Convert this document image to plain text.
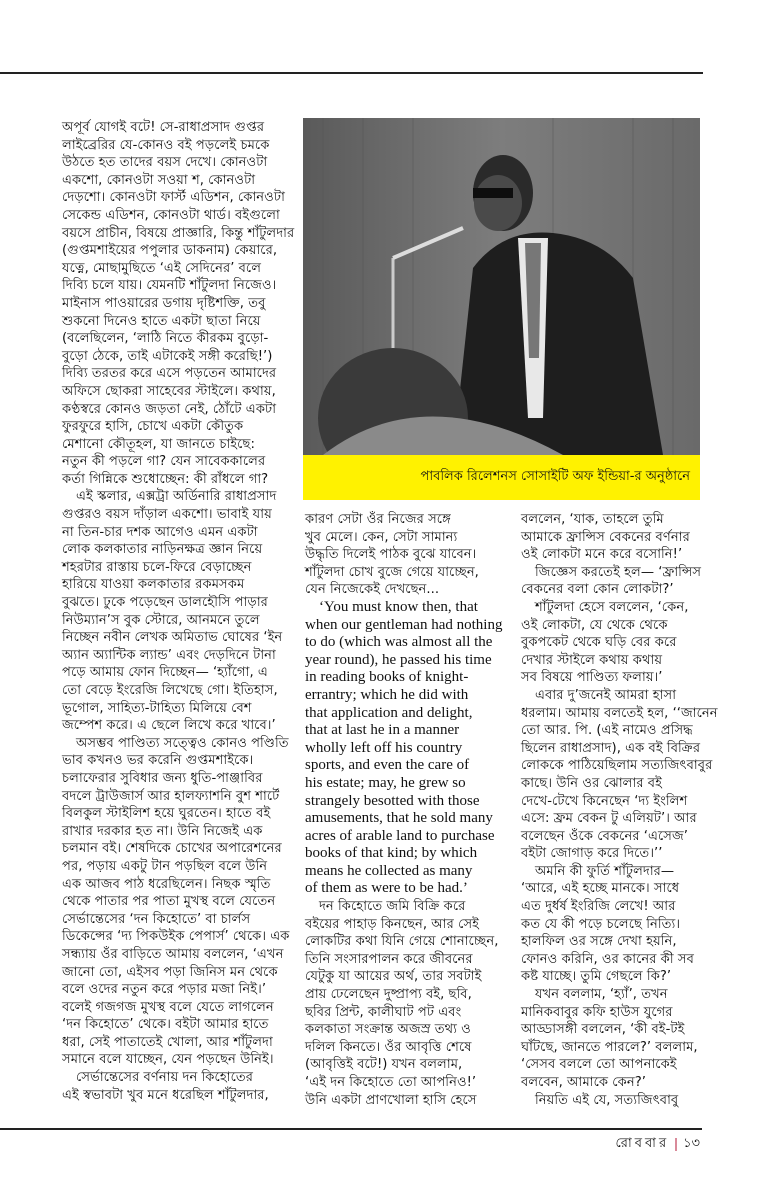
অপূর্ব যোগই বটে! সে-রাধাপ্রসাদ গুপ্তর
লাইব্রেরির যে-কোনও বই পড়লেই চমকে
উঠতে হত তাদের বয়স দেখে। কোনওটা
একশো, কোনওটা সওয়া শ, কোনওটা
দেড়শো। কোনওটা ফার্স্ট এডিশন, কোনওটা
সেকেন্ড এডিশন, কোনওটা থার্ড। বইগুলো
বয়সে প্রাচীন, বিষয়ে প্রাজ্ঞারি, কিন্তু শাঁটুলদার
(গুপ্তমশাইয়ের পপুলার ডাকনাম) কেয়ারে,
যত্নে, মোছামুছিতে ‘এই সেদিনের’ বলে
দিব্যি চলে যায়। যেমনটি শাঁটুলদা নিজেও।
মাইনাস পাওয়ারের ডগায় দৃষ্টিশক্তি, তবু
শুকনো দিনেও হাতে একটা ছাতা নিয়ে
(বলেছিলেন, ‘লাঠি নিতে কীরকম বুড়ো-
বুড়ো ঠেকে, তাই এটাকেই সঙ্গী করেছি!’)
দিব্যি তরতর করে এসে পড়তেন আমাদের
অফিসে ছোকরা সাহেবের স্টাইলে। কথায়,
কণ্ঠস্বরে কোনও জড়তা নেই, ঠোঁটে একটা
ফুরফুরে হাসি, চোখে একটা কৌতুক
মেশানো কৌতূহল, যা জানতে চাইছে:
নতুন কী পড়লে গা? যেন সাবেককালের
কর্তা গিন্নিকে শুধোচ্ছেন: কী রাঁধলে গা?
এই স্কলার, এক্সট্রা অর্ডিনারি রাধাপ্রসাদ
গুপ্তরও বয়স দাঁড়াল একশো। ভাবাই যায়
না তিন-চার দশক আগেও এমন একটা
লোক কলকাতার নাড়িনক্ষত্র জ্ঞান নিয়ে
শহরটার রাস্তায় চলে-ফিরে বেড়াচ্ছেন
হারিয়ে যাওয়া কলকাতার রকমসকম
বুঝতে। ঢুকে পড়েছেন ডালহৌসি পাড়ার
নিউম্যান’স বুক স্টোরে, আনমনে তুলে
নিচ্ছেন নবীন লেখক অমিতাভ ঘোষের ‘ইন
অ্যান অ্যান্টিক ল্যান্ড’ এবং দেড়দিনে টানা
পড়ে আমায় ফোন দিচ্ছেন— ‘হ্যাঁগো, এ
তো বেড়ে ইংরেজি লিখেছে গো। ইতিহাস,
ভূগোল, সাহিত্য-টাহিত্য মিলিয়ে বেশ
জম্পেশ করে। এ ছেলে লিখে করে খাবে।’
অসম্ভব পাণ্ডিত্য সত্ত্বেও কোনও পণ্ডিতি
ভাব কখনও ভর করেনি গুপ্তমশাইকে।
চলাফেরার সুবিধার জন্য ধুতি-পাঞ্জাবির
বদলে ট্রাউজার্স আর হালফ্যাশনি বুশ শার্টে
বিলকুল স্টাইলিশ হয়ে ঘুরতেন। হাতে বই
রাখার দরকার হত না। উনি নিজেই এক
চলমান বই। শেষদিকে চোখের অপারেশনের
পর, পড়ায় একটু টান পড়ছিল বলে উনি
এক আজব পাঠ ধরেছিলেন। নিছক স্মৃতি
থেকে পাতার পর পাতা মুখস্থ বলে যেতেন
সের্ভান্তেসের ‘দন কিহোতে’ বা চার্লস
ডিকেন্সের ‘দ্য পিকউইক পেপার্স’ থেকে। এক
সন্ধ্যায় ওঁর বাড়িতে আমায় বললেন, ‘এখন
জানো তো, এইসব পড়া জিনিস মন থেকে
বলে ওদের নতুন করে পড়ার মজা নিই।’
বলেই গজগজ মুখস্থ বলে যেতে লাগলেন
‘দন কিহোতে’ থেকে। বইটা আমার হাতে
ধরা, সেই পাতাতেই খোলা, আর শাঁটুলদা
সমানে বলে যাচ্ছেন, যেন পড়ছেন উনিই।
সের্ভান্তেসের বর্ণনায় দন কিহোতের
এই স্বভাবটা খুব মনে ধরেছিল শাঁটুলদার,
পাবলিক রিলেশনস সোসাইটি অফ ইন্ডিয়া-র অনুষ্ঠানে
কারণ সেটা ওঁর নিজের সঙ্গে
খুব মেলে। কেন, সেটা সামান্য
উদ্ধৃতি দিলেই পাঠক বুঝে যাবেন।
শাঁটুলদা চোখ বুজে গেয়ে যাচ্ছেন,
যেন নিজেকেই দেখছেন...
‘You must know then, that
when our gentleman had nothing
to do (which was almost all the
year round), he passed his time
in reading books of knight-
errantry; which he did with
that application and delight,
that at last he in a manner
wholly left off his country
sports, and even the care of
his estate; may, he grew so
strangely besotted with those
amusements, that he sold many
acres of arable land to purchase
books of that kind; by which
means he collected as many
of them as were to be had.’
দন কিহোতে জমি বিক্রি করে
বইয়ের পাহাড় কিনছেন, আর সেই
লোকটির কথা যিনি গেয়ে শোনাচ্ছেন,
তিনি সংসারপালন করে জীবনের
যেটুকু যা আয়ের অর্থ, তার সবটাই
প্রায় ঢেলেছেন দুষ্প্রাপ্য বই, ছবি,
ছবির প্রিন্ট, কালীঘাট পট এবং
কলকাতা সংক্রান্ত অজস্র তথ্য ও
দলিল কিনতে। ওঁর আবৃত্তি শেষে
(আবৃত্তিই বটে!) যখন বললাম,
‘এই দন কিহোতে তো আপনিও!’
উনি একটা প্রাণখোলা হাসি হেসে
বললেন, ‘যাক, তাহলে তুমি
আমাকে ফ্রান্সিস বেকনের বর্ণনার
ওই লোকটা মনে করে বসোনি!’
জিজ্ঞেস করতেই হল— ‘ফ্রান্সিস
বেকনের বলা কোন লোকটা?’
শাঁটুলদা হেসে বললেন, ‘কেন,
ওই লোকটা, যে থেকে থেকে
বুকপকেট থেকে ঘড়ি বের করে
দেখার স্টাইলে কথায় কথায়
সব বিষয়ে পাণ্ডিত্য ফলায়।’
এবার দু’জনেই আমরা হাসা
ধরলাম। আমায় বলতেই হল, ‘‘জানেন
তো আর. পি. (এই নামেও প্রসিদ্ধ
ছিলেন রাধাপ্রসাদ), এক বই বিক্রির
লোককে পাঠিয়েছিলাম সত্যজিৎবাবুর
কাছে। উনি ওর ঝোলার বই
দেখে-টেখে কিনেছেন ‘দ্য ইংলিশ
এসে: ফ্রম বেকন টু এলিয়ট’। আর
বলেছেন ওঁকে বেকনের ‘এসেজ’
বইটা জোগাড় করে দিতে।’’
অমনি কী ফুর্তি শাঁটুলদার—
‘আরে, এই হচ্ছে মানকে। সাধে
এত দুর্ধর্ষ ইংরিজি লেখে! আর
কত যে কী পড়ে চলেছে নিত্যি।
হালফিল ওর সঙ্গে দেখা হয়নি,
ফোনও করিনি, ওর কানের কী সব
কষ্ট যাচ্ছে। তুমি গেছলে কি?’
যখন বললাম, ‘হ্যাঁ’, তখন
মানিকবাবুর কফি হাউস যুগের
আড্ডাসঙ্গী বললেন, ‘কী বই-টই
ঘাঁটছে, জানতে পারলে?’ বললাম,
‘সেসব বললে তো আপনাকেই
বলবেন, আমাকে কেন?’
নিয়তি এই যে, সত্যজিৎবাবু
রোববার ১৩
